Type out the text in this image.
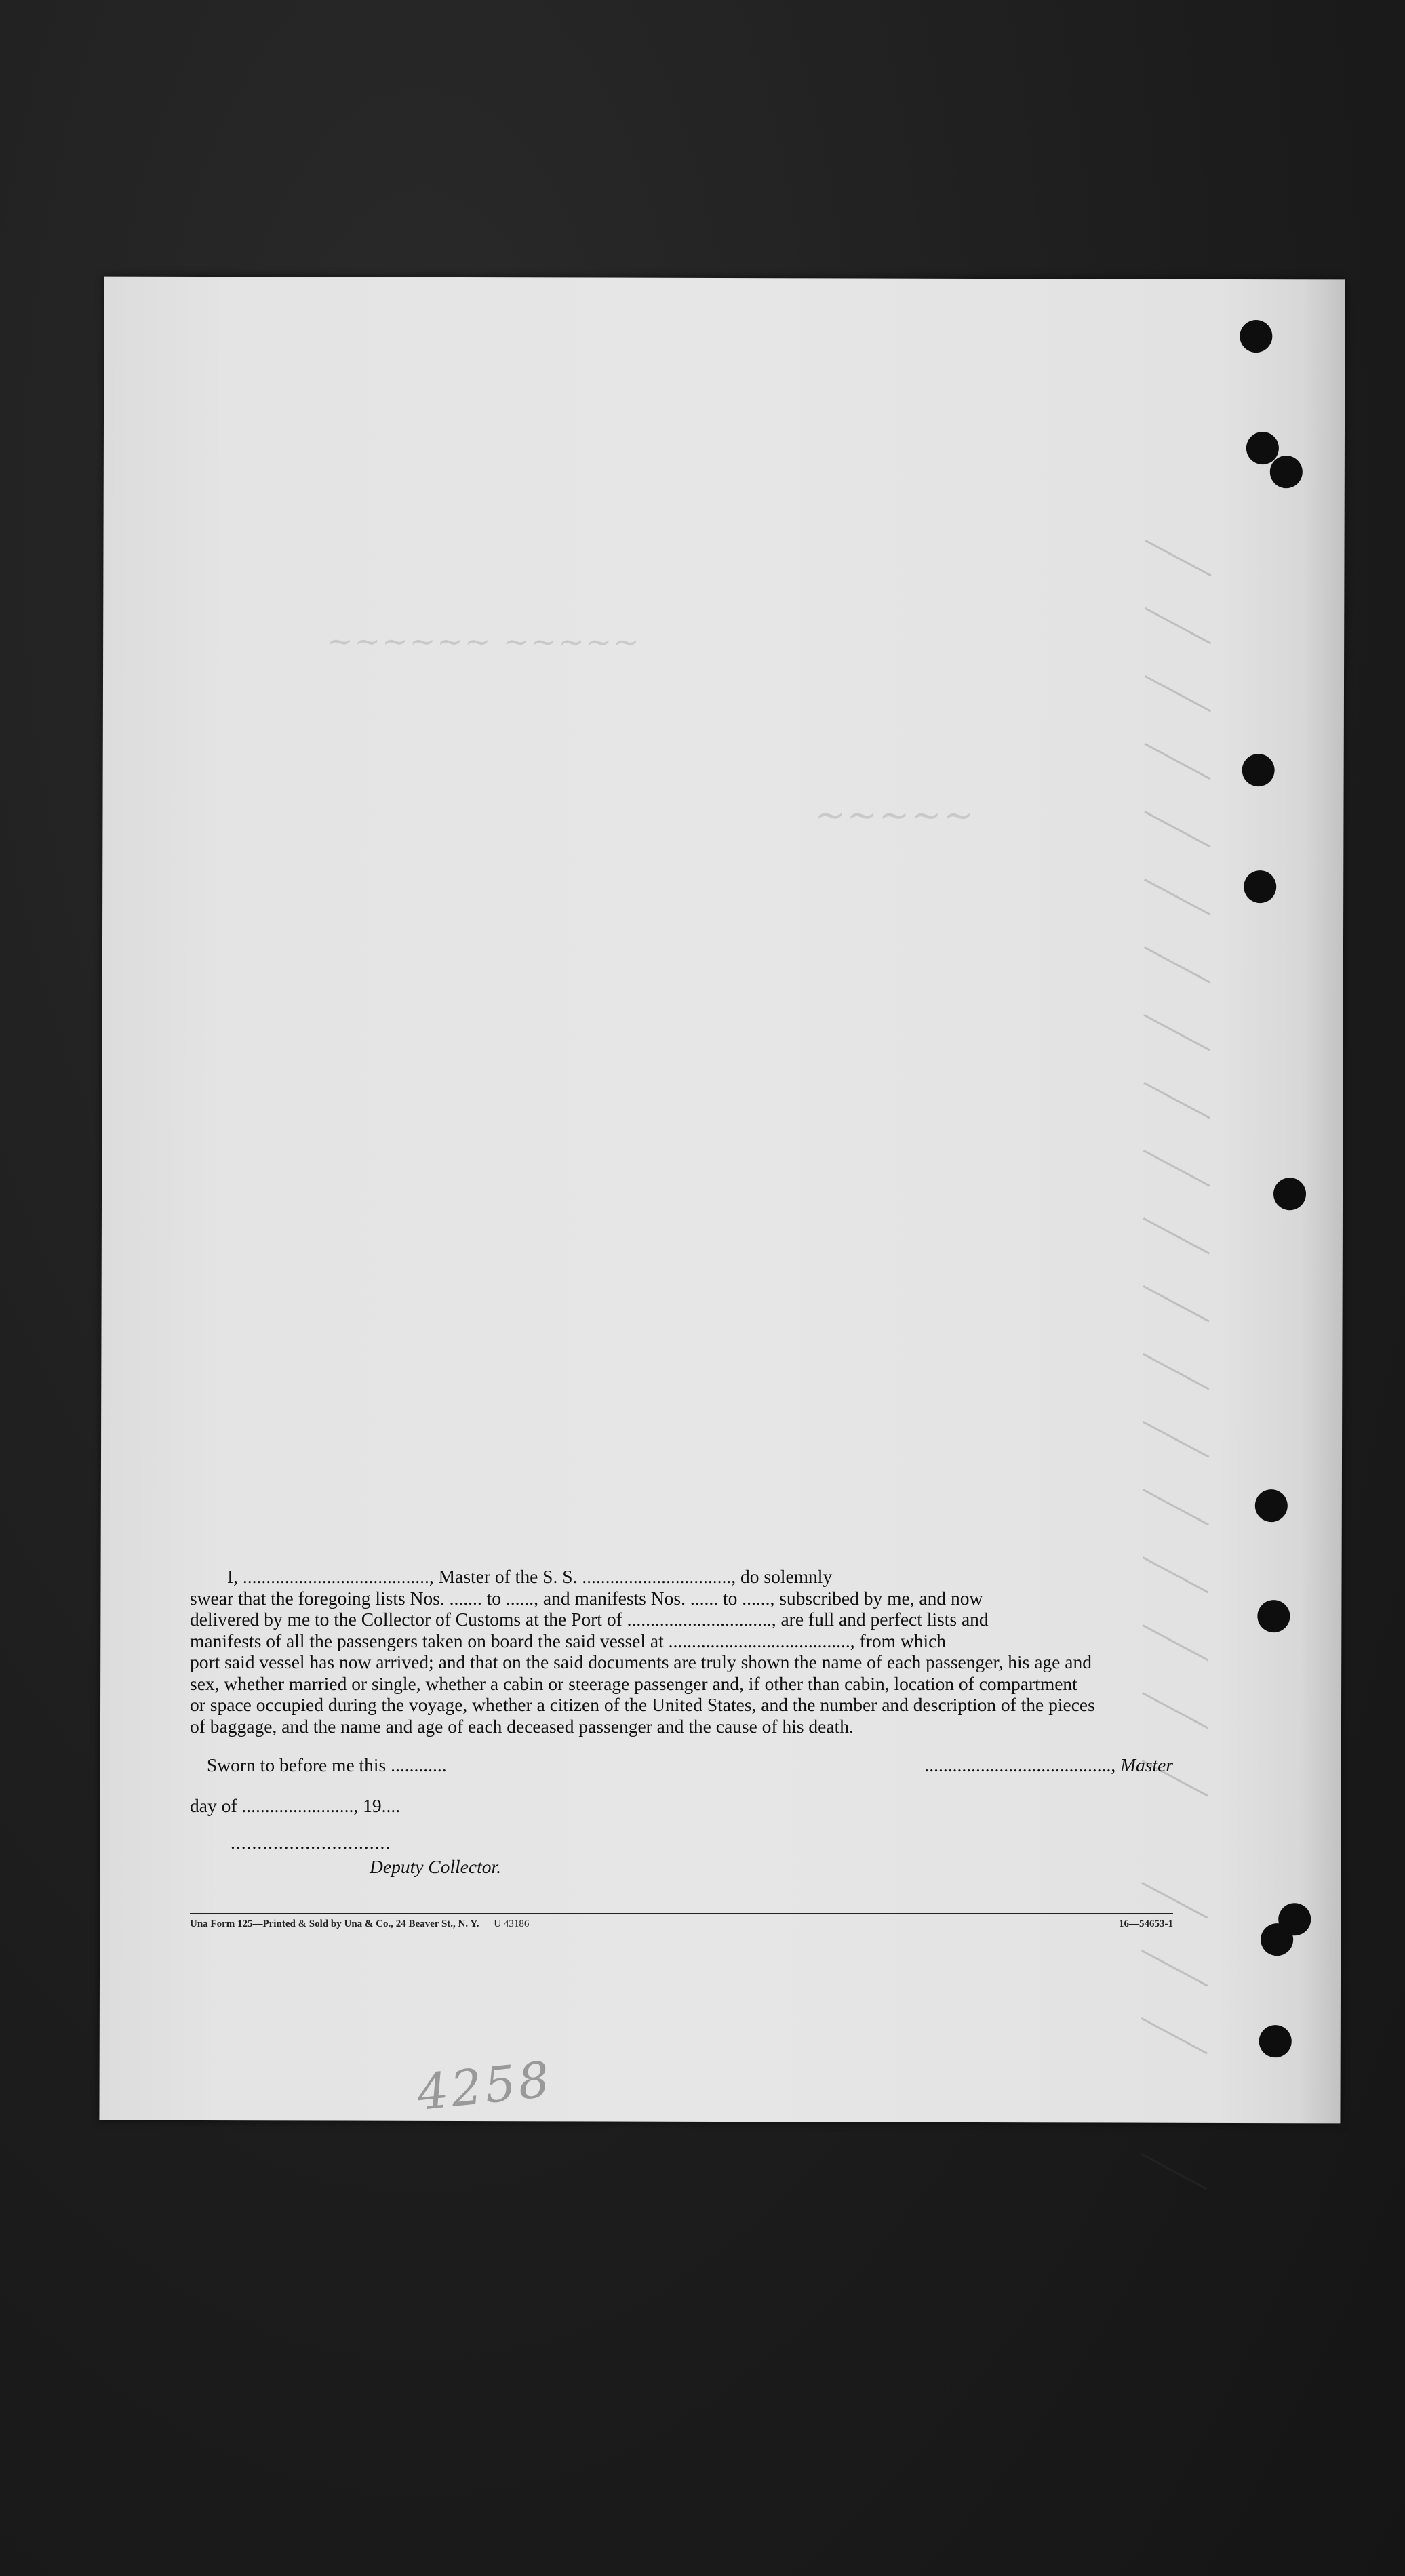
~~~~~~ ~~~~~
~~~~~

I, ........................................, Master of the S. S. ................................, do solemnly

swear that the foregoing lists Nos. ....... to ......, and manifests Nos. ...... to ......, subscribed by me, and now

delivered by me to the Collector of Customs at the Port of ..............................., are full and perfect lists and

manifests of all the passengers taken on board the said vessel at ......................................., from which

port said vessel has now arrived; and that on the said documents are truly shown the name of each passenger, his age and

sex, whether married or single, whether a cabin or steerage passenger and, if other than cabin, location of compartment

or space occupied during the voyage, whether a citizen of the United States, and the number and description of the pieces

of baggage, and the name and age of each deceased passenger and the cause of his death.

Sworn to before me this ............	........................................, Master
day of ........................, 19....
..............................
Deputy Collector.
Una Form 125—Printed & Sold by Una & Co., 24 Beaver St., N. Y. U 43186	16—54653-1
4258
